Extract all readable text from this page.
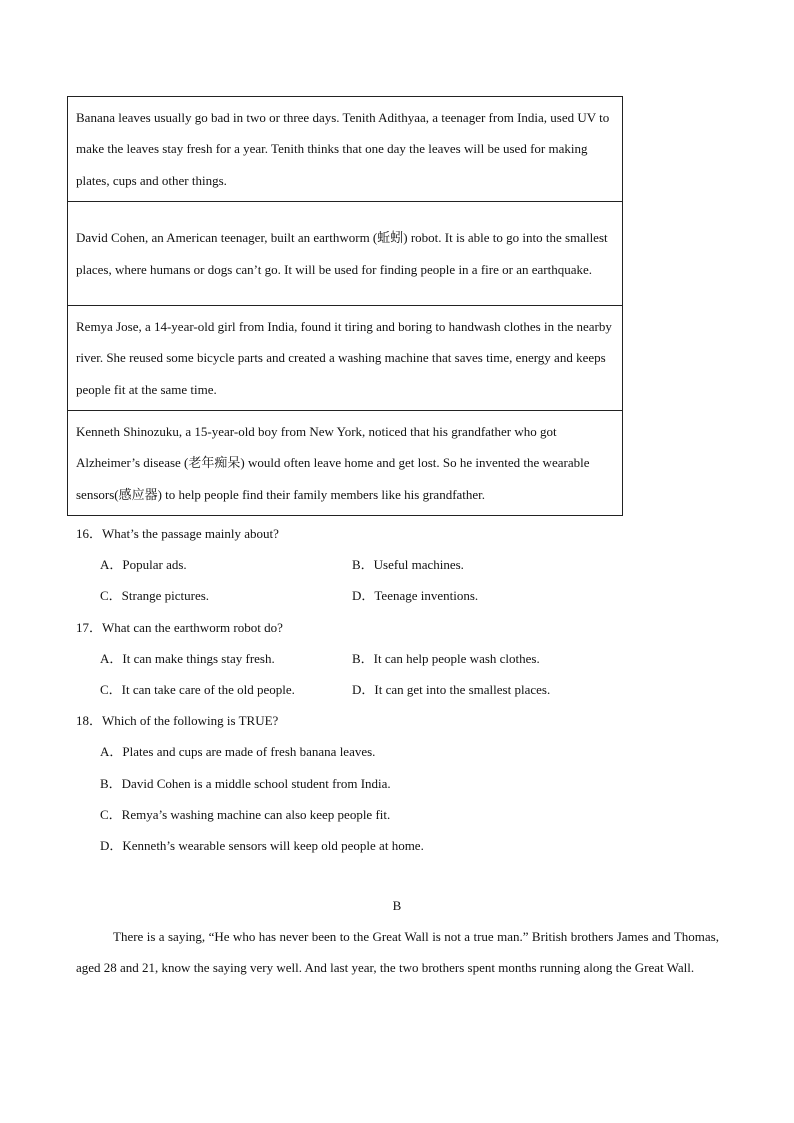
Banana leaves usually go bad in two or three days. Tenith Adithyaa, a teenager from India, used UV to make the leaves stay fresh for a year. Tenith thinks that one day the leaves will be used for making plates, cups and other things.
David Cohen, an American teenager, built an earthworm (蚯蚓) robot. It is able to go into the smallest places, where humans or dogs can’t go. It will be used for finding people in a fire or an earthquake.
Remya Jose, a 14-year-old girl from India, found it tiring and boring to handwash clothes in the nearby river. She reused some bicycle parts and created a washing machine that saves time, energy and keeps people fit at the same time.
Kenneth Shinozuku, a 15-year-old boy from New York, noticed that his grandfather who got Alzheimer’s disease (老年痴呆) would often leave home and get lost. So he invented the wearable sensors(感应器) to help people find their family members like his grandfather.
16．What’s the passage mainly about?
A．Popular ads.	B．Useful machines.
C．Strange pictures.	D．Teenage inventions.
17．What can the earthworm robot do?
A．It can make things stay fresh.	B．It can help people wash clothes.
C．It can take care of the old people.	D．It can get into the smallest places.
18．Which of the following is TRUE?
A．Plates and cups are made of fresh banana leaves.
B．David Cohen is a middle school student from India.
C．Remya’s washing machine can also keep people fit.
D．Kenneth’s wearable sensors will keep old people at home.
B
There is a saying, “He who has never been to the Great Wall is not a true man.” British brothers James and Thomas, aged 28 and 21, know the saying very well. And last year, the two brothers spent months running along the Great Wall.
